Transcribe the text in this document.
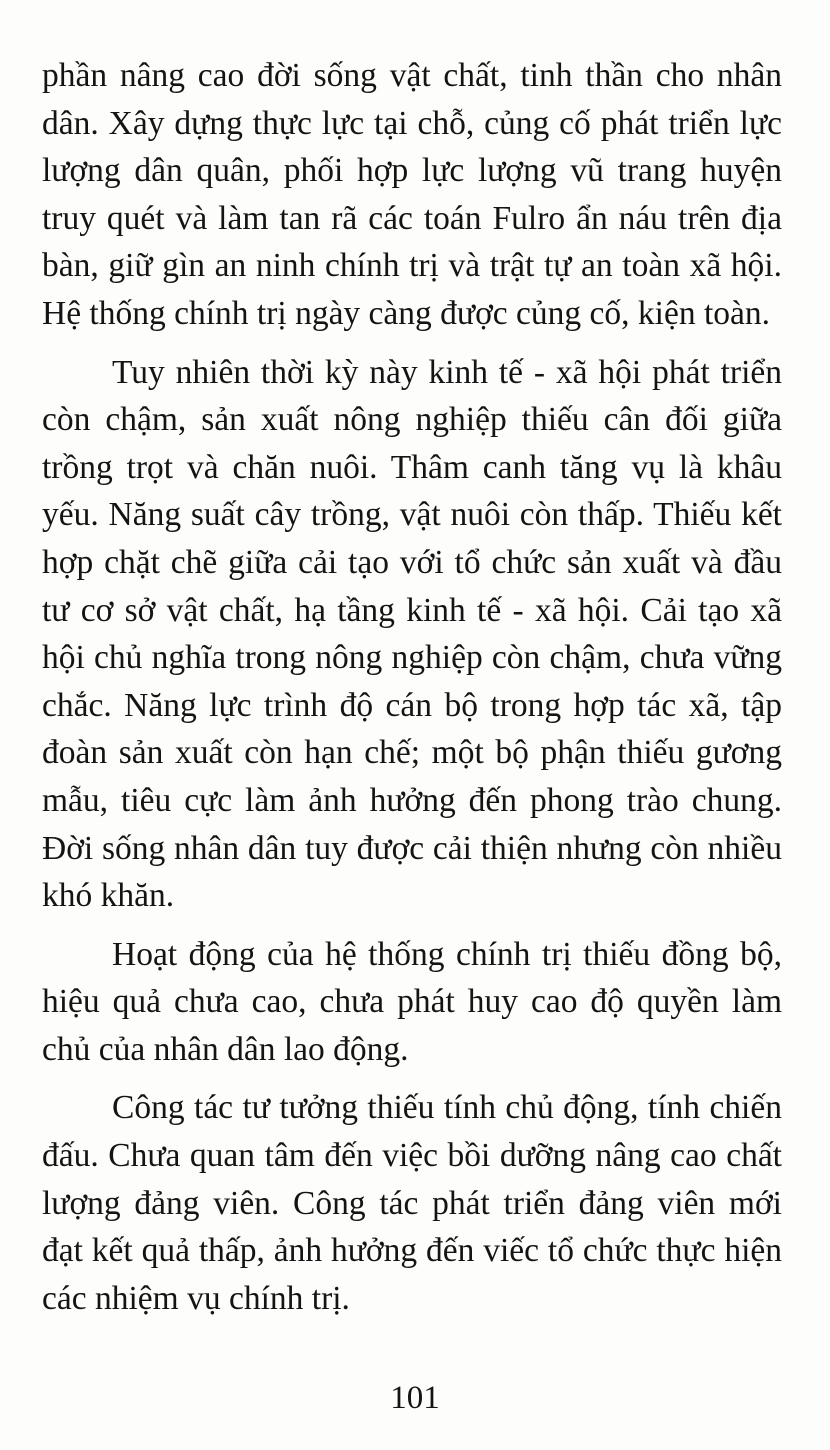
phần nâng cao đời sống vật chất, tinh thần cho nhân dân. Xây dựng thực lực tại chỗ, củng cố phát triển lực lượng dân quân, phối hợp lực lượng vũ trang huyện truy quét và làm tan rã các toán Fulro ẩn náu trên địa bàn, giữ gìn an ninh chính trị và trật tự an toàn xã hội. Hệ thống chính trị ngày càng được củng cố, kiện toàn.

Tuy nhiên thời kỳ này kinh tế - xã hội phát triển còn chậm, sản xuất nông nghiệp thiếu cân đối giữa trồng trọt và chăn nuôi. Thâm canh tăng vụ là khâu yếu. Năng suất cây trồng, vật nuôi còn thấp. Thiếu kết hợp chặt chẽ giữa cải tạo với tổ chức sản xuất và đầu tư cơ sở vật chất, hạ tầng kinh tế - xã hội. Cải tạo xã hội chủ nghĩa trong nông nghiệp còn chậm, chưa vững chắc. Năng lực trình độ cán bộ trong hợp tác xã, tập đoàn sản xuất còn hạn chế; một bộ phận thiếu gương mẫu, tiêu cực làm ảnh hưởng đến phong trào chung. Đời sống nhân dân tuy được cải thiện nhưng còn nhiều khó khăn.

Hoạt động của hệ thống chính trị thiếu đồng bộ, hiệu quả chưa cao, chưa phát huy cao độ quyền làm chủ của nhân dân lao động.

Công tác tư tưởng thiếu tính chủ động, tính chiến đấu. Chưa quan tâm đến việc bồi dưỡng nâng cao chất lượng đảng viên. Công tác phát triển đảng viên mới đạt kết quả thấp, ảnh hưởng đến viếc tổ chức thực hiện các nhiệm vụ chính trị.

101
